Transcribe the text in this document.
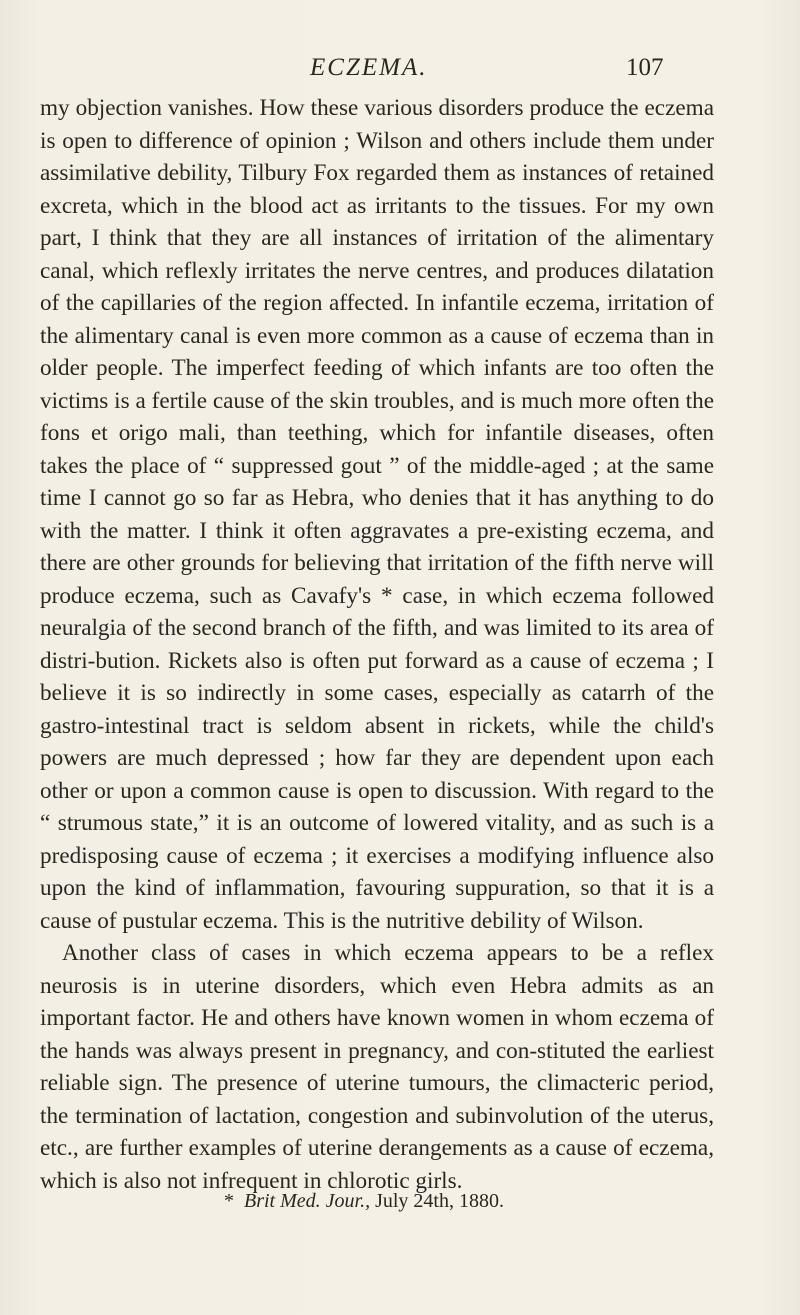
ECZEMA.	107

my objection vanishes. How these various disorders produce the eczema is open to difference of opinion ; Wilson and others include them under assimilative debility, Tilbury Fox regarded them as instances of retained excreta, which in the blood act as irritants to the tissues. For my own part, I think that they are all instances of irritation of the alimentary canal, which reflexly irritates the nerve centres, and produces dilatation of the capillaries of the region affected. In infantile eczema, irritation of the alimentary canal is even more common as a cause of eczema than in older people. The imperfect feeding of which infants are too often the victims is a fertile cause of the skin troubles, and is much more often the fons et origo mali, than teething, which for infantile diseases, often takes the place of “ suppressed gout ” of the middle-aged ; at the same time I cannot go so far as Hebra, who denies that it has anything to do with the matter. I think it often aggravates a pre-existing eczema, and there are other grounds for believing that irritation of the fifth nerve will produce eczema, such as Cavafy's * case, in which eczema followed neuralgia of the second branch of the fifth, and was limited to its area of distri-bution. Rickets also is often put forward as a cause of eczema ; I believe it is so indirectly in some cases, especially as catarrh of the gastro-intestinal tract is seldom absent in rickets, while the child's powers are much depressed ; how far they are dependent upon each other or upon a common cause is open to discussion. With regard to the “ strumous state,” it is an outcome of lowered vitality, and as such is a predisposing cause of eczema ; it exercises a modifying influence also upon the kind of inflammation, favouring suppuration, so that it is a cause of pustular eczema. This is the nutritive debility of Wilson.

Another class of cases in which eczema appears to be a reflex neurosis is in uterine disorders, which even Hebra admits as an important factor. He and others have known women in whom eczema of the hands was always present in pregnancy, and con-stituted the earliest reliable sign. The presence of uterine tumours, the climacteric period, the termination of lactation, congestion and subinvolution of the uterus, etc., are further examples of uterine derangements as a cause of eczema, which is also not infrequent in chlorotic girls.

* Brit Med. Jour., July 24th, 1880.
